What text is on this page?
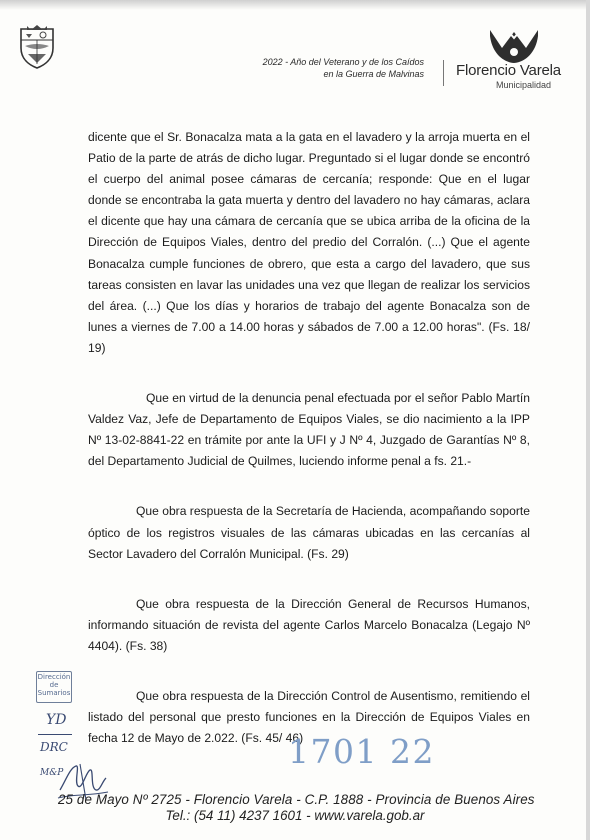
2022 - Año del Veterano y de los Caídos
en la Guerra de Malvinas Florencio Varela
Municipalidad

dicente que el Sr. Bonacalza mata a la gata en el lavadero y la arroja muerta en el Patio de la parte de atrás de dicho lugar. Preguntado si el lugar donde se encontró el cuerpo del animal posee cámaras de cercanía; responde: Que en el lugar donde se encontraba la gata muerta y dentro del lavadero no hay cámaras, aclara el dicente que hay una cámara de cercanía que se ubica arriba de la oficina de la Dirección de Equipos Viales, dentro del predio del Corralón. (...) Que el agente Bonacalza cumple funciones de obrero, que esta a cargo del lavadero, que sus tareas consisten en lavar las unidades una vez que llegan de realizar los servicios del área. (...) Que los días y horarios de trabajo del agente Bonacalza son de lunes a viernes de 7.00 a 14.00 horas y sábados de 7.00 a 12.00 horas". (Fs. 18/ 19)

Que en virtud de la denuncia penal efectuada por el señor Pablo Martín Valdez Vaz, Jefe de Departamento de Equipos Viales, se dio nacimiento a la IPP Nº 13-02-8841-22 en trámite por ante la UFI y J Nº 4, Juzgado de Garantías Nº 8, del Departamento Judicial de Quilmes, luciendo informe penal a fs. 21.-

Que obra respuesta de la Secretaría de Hacienda, acompañando soporte óptico de los registros visuales de las cámaras ubicadas en las cercanías al Sector Lavadero del Corralón Municipal. (Fs. 29)

Que obra respuesta de la Dirección General de Recursos Humanos, informando situación de revista del agente Carlos Marcelo Bonacalza (Legajo Nº 4404). (Fs. 38)

Que obra respuesta de la Dirección Control de Ausentismo, remitiendo el listado del personal que presto funciones en la Dirección de Equipos Viales en fecha 12 de Mayo de 2.022. (Fs. 45/ 46)

Dirección
de
Sumarios
YD
DRC
M&P
1701 22
25 de Mayo Nº 2725 - Florencio Varela - C.P. 1888 - Provincia de Buenos Aires
Tel.: (54 11) 4237 1601 - www.varela.gob.ar
